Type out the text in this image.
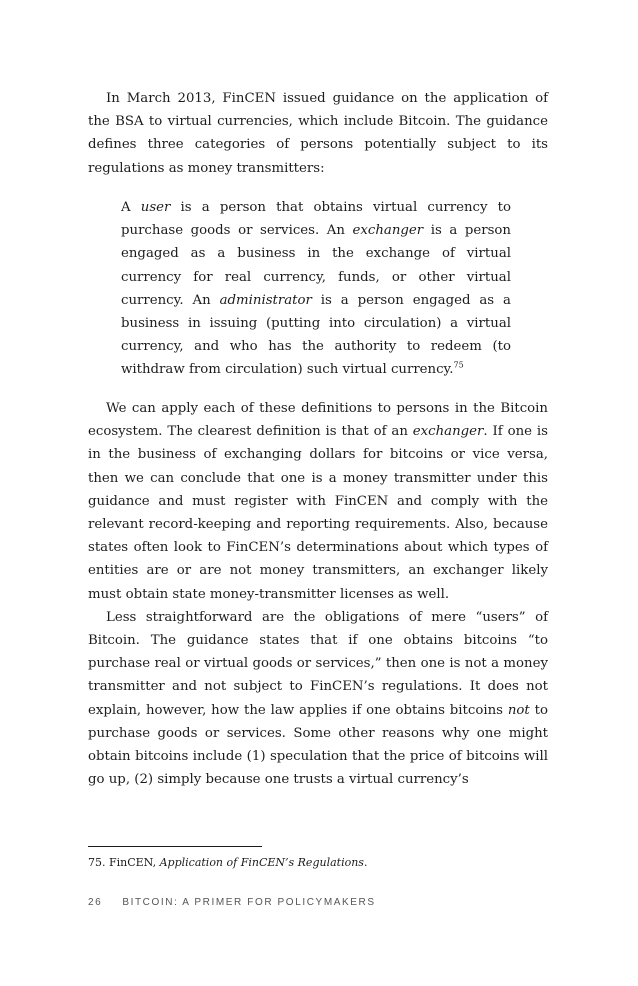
In March 2013, FinCEN issued guidance on the application of the BSA to virtual currencies, which include Bitcoin. The guidance defines three categories of persons potentially subject to its regulations as money transmitters:

A user is a person that obtains virtual currency to purchase goods or services. An exchanger is a person engaged as a business in the exchange of virtual currency for real currency, funds, or other virtual currency. An administrator is a person engaged as a business in issuing (putting into circulation) a virtual currency, and who has the authority to redeem (to withdraw from circulation) such virtual currency.$^{75}$

We can apply each of these definitions to persons in the Bitcoin ecosystem. The clearest definition is that of an exchanger. If one is in the business of exchanging dollars for bitcoins or vice versa, then we can conclude that one is a money transmitter under this guidance and must register with FinCEN and comply with the relevant record-keeping and reporting requirements. Also, because states often look to FinCEN’s determinations about which types of entities are or are not money transmitters, an exchanger likely must obtain state money-transmitter licenses as well.

Less straightforward are the obligations of mere “users” of Bitcoin. The guidance states that if one obtains bitcoins “to purchase real or virtual goods or services,” then one is not a money transmitter and not subject to FinCEN’s regulations. It does not explain, however, how the law applies if one obtains bitcoins not to purchase goods or services. Some other reasons why one might obtain bitcoins include (1) speculation that the price of bitcoins will go up, (2) simply because one trusts a virtual currency’s

75. FinCEN, Application of FinCEN’s Regulations.

26 BITCOIN: A PRIMER FOR POLICYMAKERS
